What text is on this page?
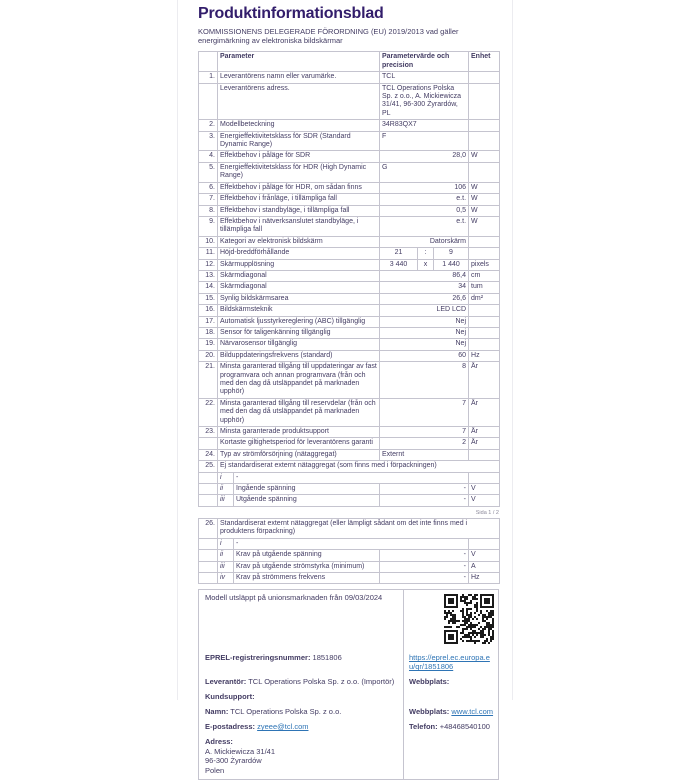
Produktinformationsblad
KOMMISSIONENS DELEGERADE FÖRORDNING (EU) 2019/2013 vad gäller energimärkning av elektroniska bildskärmar
	Parameter		Parametervärde och precision			Enhet
1.	Leverantörens namn eller varumärke.		TCL			
	Leverantörens adress.		TCL Operations Polska Sp. z o.o., A. Mickiewicza 31/41, 96-300 Żyrardów, PL			
2.	Modellbeteckning		34R83QX7			
3.	Energieffektivitetsklass för SDR (Standard Dynamic Range)		F			
4.	Effektbehov i påläge för SDR		28,0			W
5.	Energieffektivitetsklass för HDR (High Dynamic Range)		G			
6.	Effektbehov i påläge för HDR, om sådan finns		106			W
7.	Effektbehov i frånläge, i tillämpliga fall		e.t.			W
8.	Effektbehov i standbyläge, i tillämpliga fall		0,5			W
9.	Effektbehov i nätverksanslutet standbyläge, i tillämpliga fall		e.t.			W
10.	Kategori av elektronisk bildskärm		Datorskärm			
11.	Höjd-breddförhållande		21	:	9	
12.	Skärmupplösning		3 440	x	1 440	pixels
13.	Skärmdiagonal		86,4			cm
14.	Skärmdiagonal		34			tum
15.	Synlig bildskärmsarea		26,6			dm²
16.	Bildskärmsteknik		LED LCD			
17.	Automatisk ljusstyrkereglering (ABC) tillgänglig		Nej			
18.	Sensor för taligenkänning tillgänglig		Nej			
19.	Närvarosensor tillgänglig		Nej			
20.	Bilduppdateringsfrekvens (standard)		60			Hz
21.	Minsta garanterad tillgång till uppdateringar av fast programvara och annan programvara (från och med den dag då utsläppandet på marknaden upphör)		8			År
22.	Minsta garanterad tillgång till reservdelar (från och med den dag då utsläppandet på marknaden upphör)		7			År
23.	Minsta garanterade produktsupport		7			År
	Kortaste giltighetsperiod för leverantörens garanti		2			År
24.	Typ av strömförsörjning (nätaggregat)		Externt			
25.	Ej standardiserat externt nätaggregat (som finns med i förpackningen)					
	i	-				
	ii	Ingående spänning	-			V
	iii	Utgående spänning	-			V
Sida 1 / 2
26.	Standardiserat externt nätaggregat (eller lämpligt sådant om det inte finns med i produktens förpackning)			
	i	-		
	ii	Krav på utgående spänning	-	V
	iii	Krav på utgående strömstyrka (minimum)	-	A
	iv	Krav på strömmens frekvens	-	Hz
Modell utsläppt på unionsmarknaden från 09/03/2024
EPREL-registreringsnummer: 1851806	https://eprel.ec.europa.eu/qr/1851806
Leverantör: TCL Operations Polska Sp. z o.o. (Importör)	Webbplats:
Kundsupport:
Namn: TCL Operations Polska Sp. z o.o.	Webbplats: www.tcl.com
E-postadress: zyeee@tcl.com	Telefon: +48468540100
Adress:
A. Mickiewicza 31/41
96-300 Żyrardów
Polen
